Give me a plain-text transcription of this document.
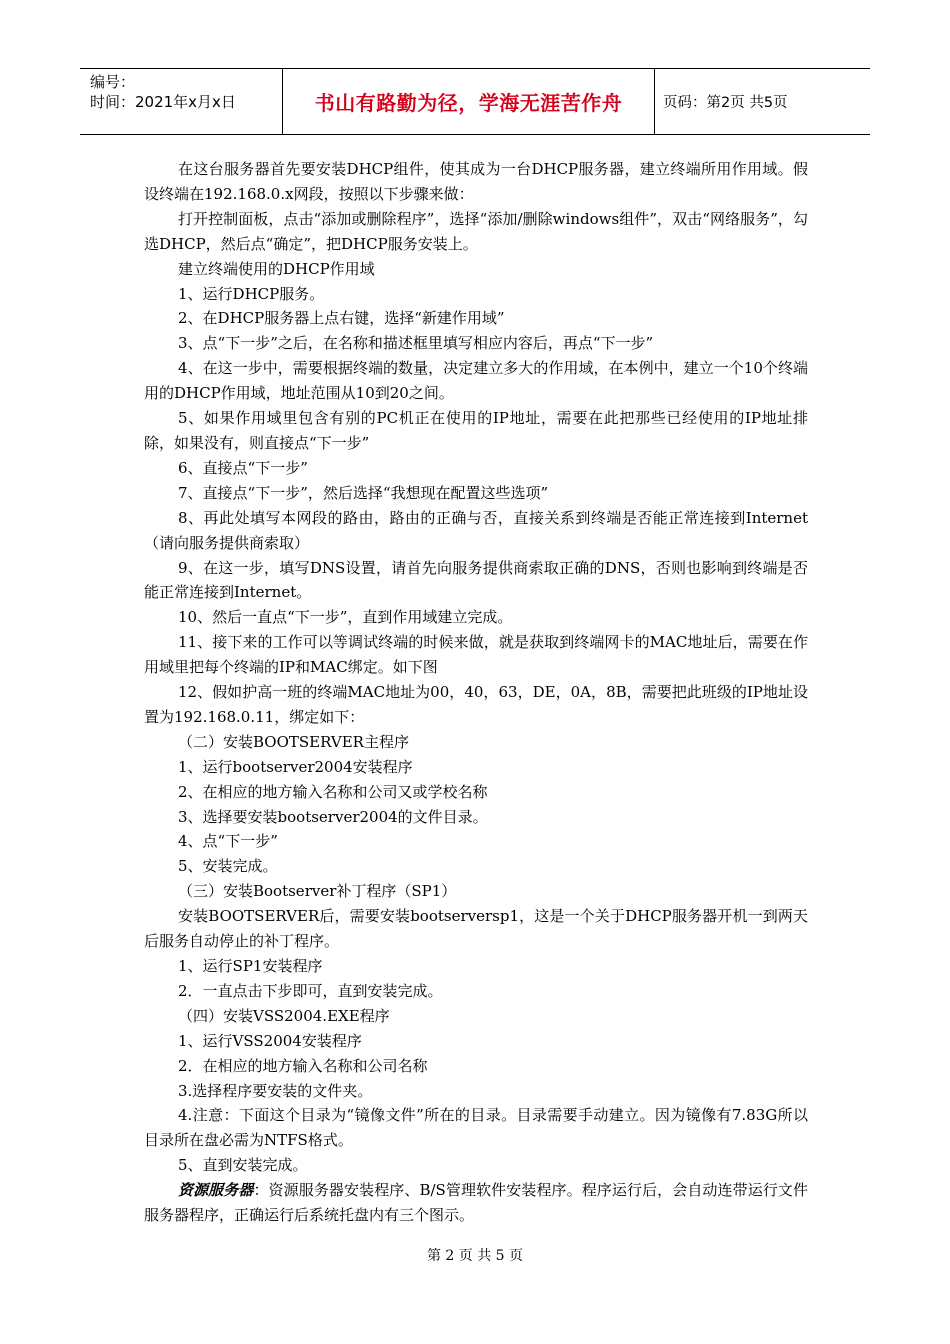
编号：
时间：2021年x月x日	书山有路勤为径，学海无涯苦作舟	页码：第2页 共5页

在这台服务器首先要安装DHCP组件，使其成为一台DHCP服务器，建立终端所用作用域。假设终端在192.168.0.x网段，按照以下步骤来做：

打开控制面板，点击“添加或删除程序”，选择“添加/删除windows组件”，双击“网络服务”，勾选DHCP，然后点“确定”，把DHCP服务安装上。

建立终端使用的DHCP作用域

1、运行DHCP服务。

2、在DHCP服务器上点右键，选择“新建作用域”

3、点“下一步”之后，在名称和描述框里填写相应内容后，再点“下一步”

4、在这一步中，需要根据终端的数量，决定建立多大的作用域，在本例中，建立一个10个终端用的DHCP作用域，地址范围从10到20之间。

5、如果作用域里包含有别的PC机正在使用的IP地址，需要在此把那些已经使用的IP地址排除，如果没有，则直接点“下一步”

6、直接点“下一步”

7、直接点“下一步”，然后选择“我想现在配置这些选项”

8、再此处填写本网段的路由，路由的正确与否，直接关系到终端是否能正常连接到Internet（请向服务提供商索取）

9、在这一步，填写DNS设置，请首先向服务提供商索取正确的DNS，否则也影响到终端是否能正常连接到Internet。

10、然后一直点“下一步”，直到作用域建立完成。

11、接下来的工作可以等调试终端的时候来做，就是获取到终端网卡的MAC地址后，需要在作用域里把每个终端的IP和MAC绑定。如下图

12、假如护高一班的终端MAC地址为00，40，63，DE，0A，8B，需要把此班级的IP地址设置为192.168.0.11，绑定如下：

（二）安装BOOTSERVER主程序

1、运行bootserver2004安装程序

2、在相应的地方输入名称和公司又或学校名称

3、选择要安装bootserver2004的文件目录。

4、点“下一步”

5、安装完成。

（三）安装Bootserver补丁程序（SP1）

安装BOOTSERVER后，需要安装bootserversp1，这是一个关于DHCP服务器开机一到两天后服务自动停止的补丁程序。

1、运行SP1安装程序

2．一直点击下步即可，直到安装完成。

（四）安装VSS2004.EXE程序

1、运行VSS2004安装程序

2．在相应的地方输入名称和公司名称

3.选择程序要安装的文件夹。

4.注意：下面这个目录为“镜像文件”所在的目录。目录需要手动建立。因为镜像有7.83G所以目录所在盘必需为NTFS格式。

5、直到安装完成。

资源服务器：资源服务器安装程序、B/S管理软件安装程序。程序运行后，会自动连带运行文件服务器程序，正确运行后系统托盘内有三个图示。

第 2 页 共 5 页
